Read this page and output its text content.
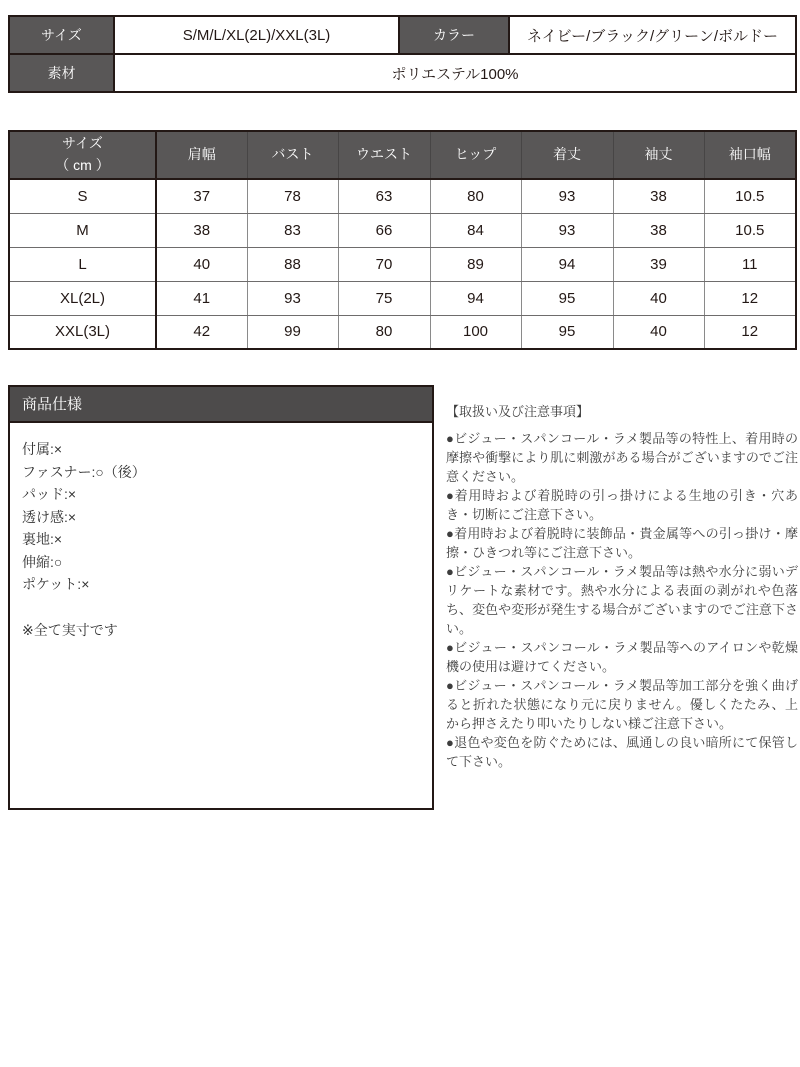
サイズ	S/M/L/XL(2L)/XXL(3L)	カラー	ネイビー/ブラック/グリーン/ボルドー
素材	ポリエステル100%		
サイズ
（ cm ）	肩幅	バスト	ウエスト	ヒップ	着丈	袖丈	袖口幅
S	37	78	63	80	93	38	10.5
M	38	83	66	84	93	38	10.5
L	40	88	70	89	94	39	11
XL(2L)	41	93	75	94	95	40	12
XXL(3L)	42	99	80	100	95	40	12
商品仕様
付属:×
ファスナー:○（後）
パッド:×
透け感:×
裏地:×
伸縮:○
ポケット:×
※全て実寸です
【取扱い及び注意事項】

●ビジュー・スパンコール・ラメ製品等の特性上、着用時の摩擦や衝撃により肌に刺激がある場合がございますのでご注意ください。

●着用時および着脱時の引っ掛けによる生地の引き・穴あき・切断にご注意下さい。

●着用時および着脱時に装飾品・貴金属等への引っ掛け・摩擦・ひきつれ等にご注意下さい。

●ビジュー・スパンコール・ラメ製品等は熱や水分に弱いデリケートな素材です。熱や水分による表面の剥がれや色落ち、変色や変形が発生する場合がございますのでご注意下さい。

●ビジュー・スパンコール・ラメ製品等へのアイロンや乾燥機の使用は避けてください。

●ビジュー・スパンコール・ラメ製品等加工部分を強く曲げると折れた状態になり元に戻りません。優しくたたみ、上から押さえたり叩いたりしない様ご注意下さい。

●退色や変色を防ぐためには、風通しの良い暗所にて保管して下さい。
